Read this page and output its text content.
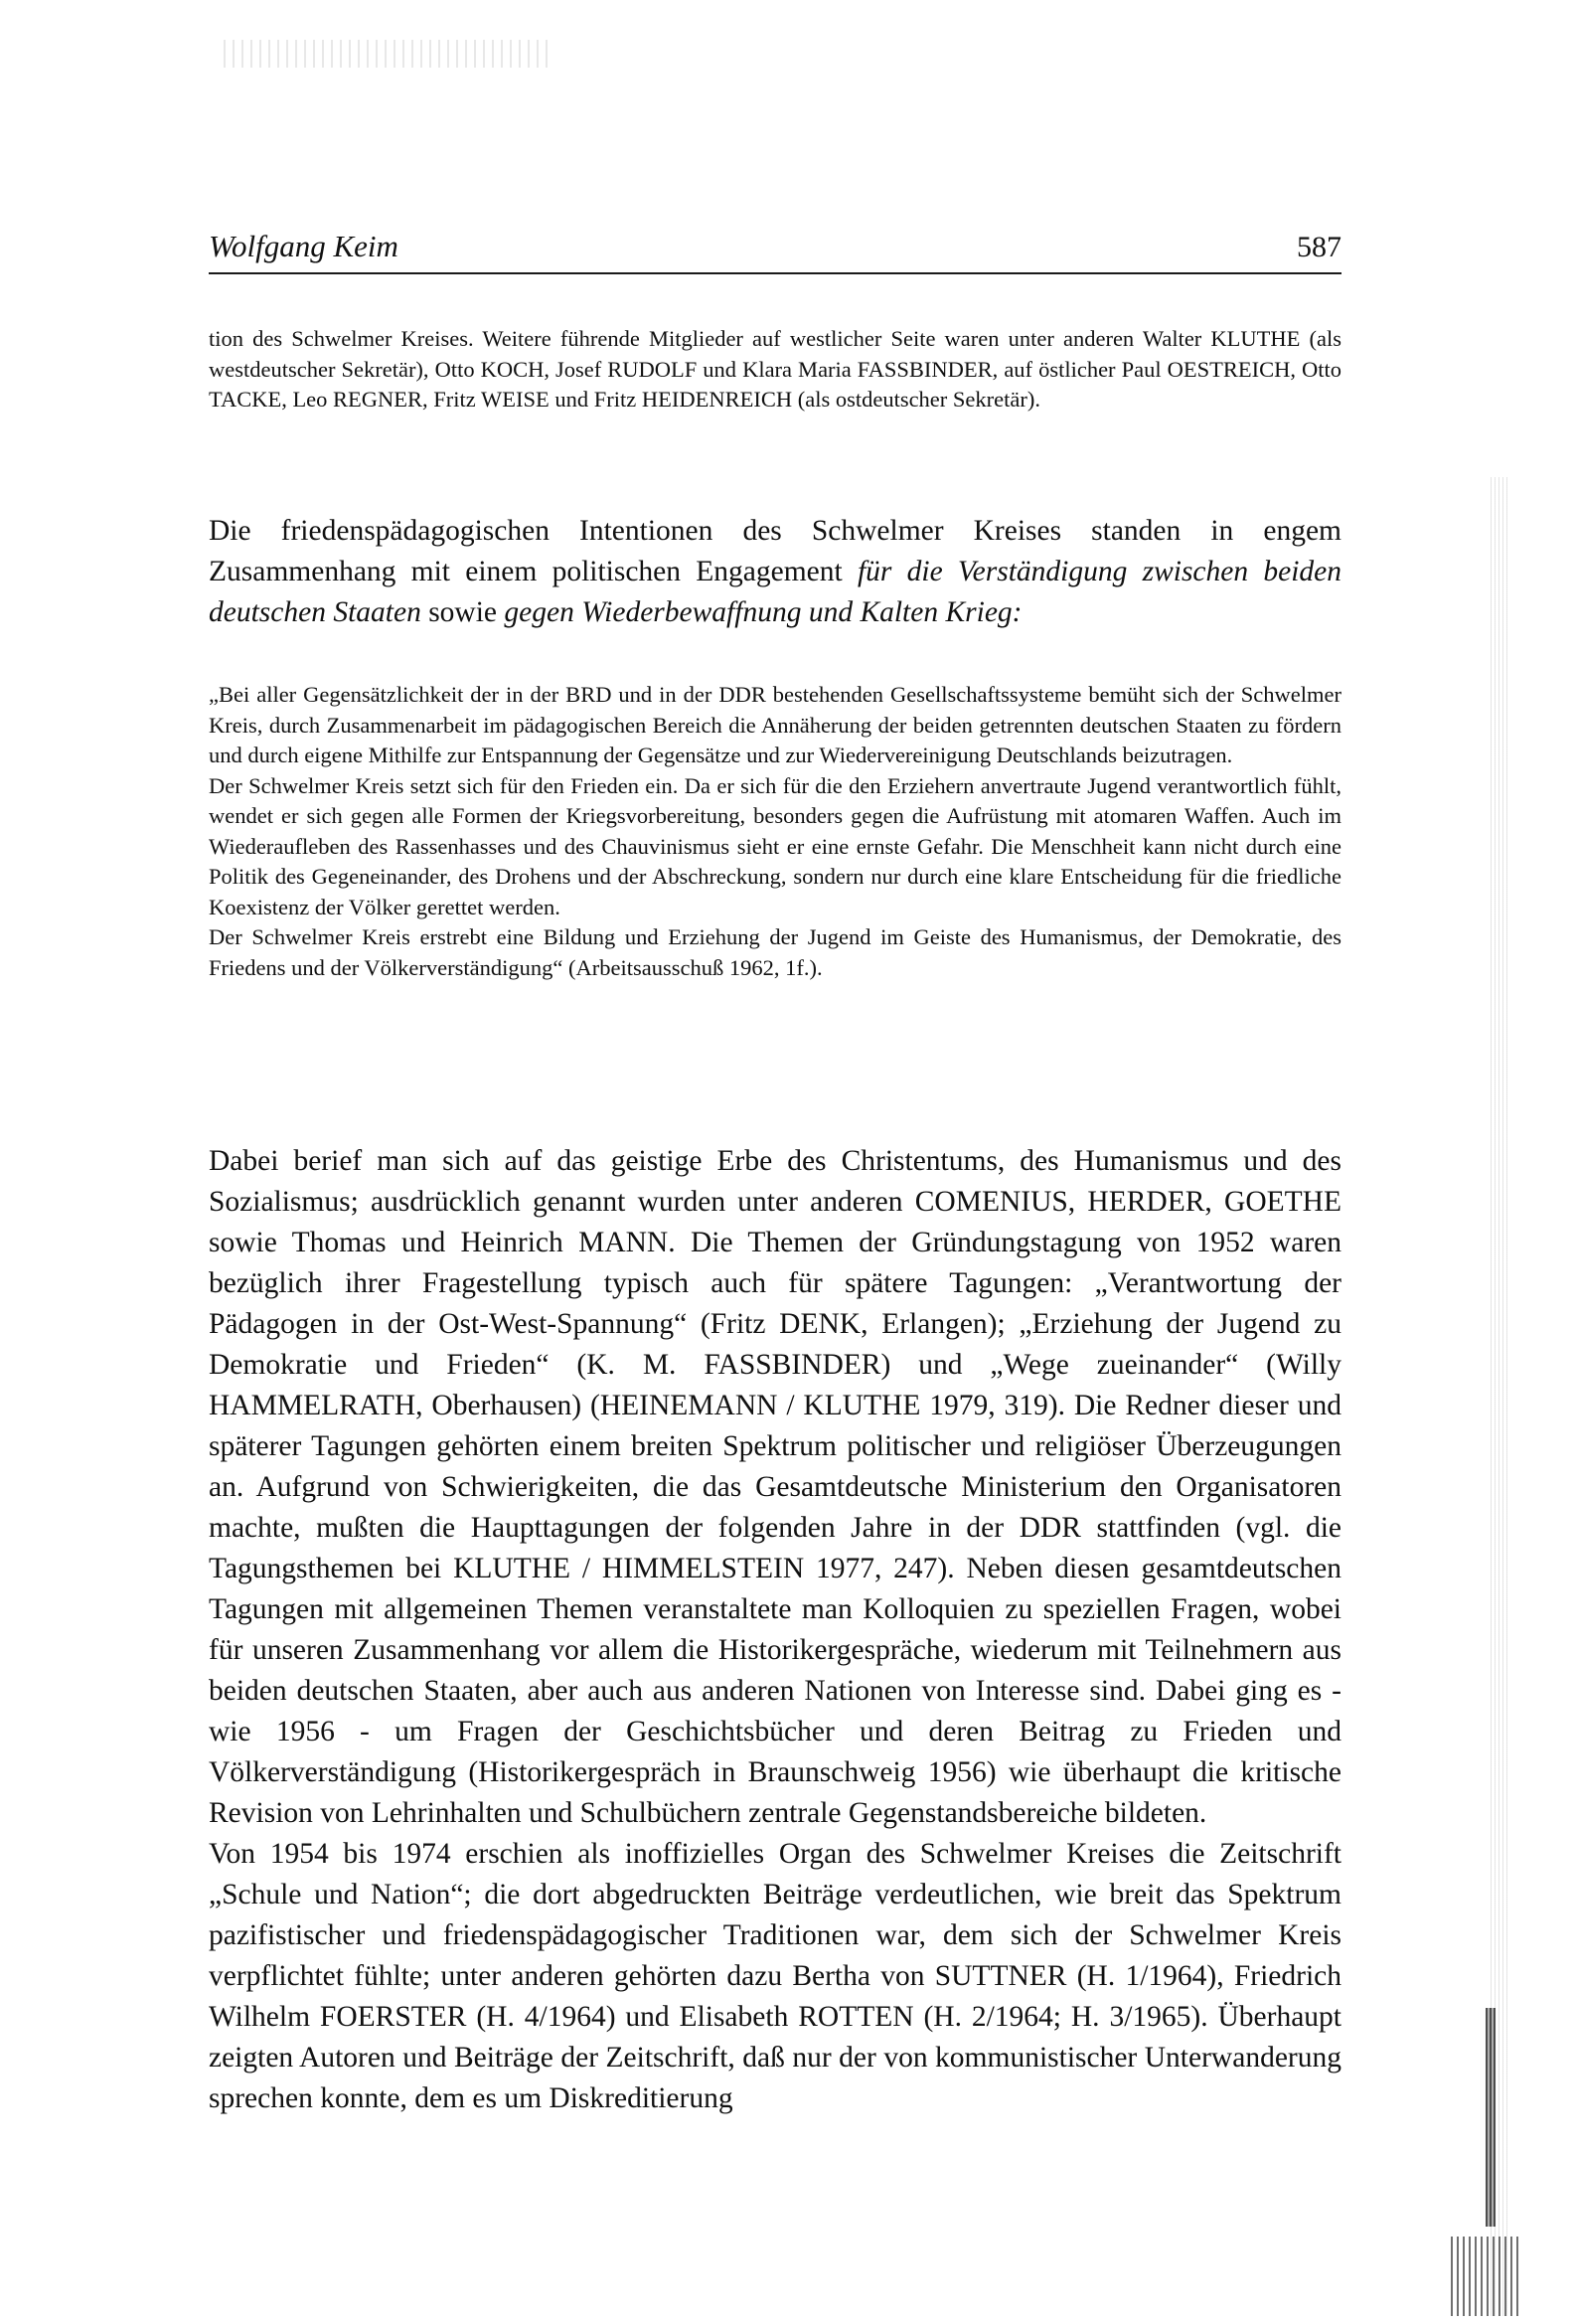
Wolfgang Keim	587
tion des Schwelmer Kreises. Weitere führende Mitglieder auf westlicher Seite waren unter anderen Walter KLUTHE (als westdeutscher Sekretär), Otto KOCH, Josef RUDOLF und Klara Maria FASSBINDER, auf östlicher Paul OESTREICH, Otto TACKE, Leo REGNER, Fritz WEISE und Fritz HEIDENREICH (als ostdeutscher Sekretär).
Die friedenspädagogischen Intentionen des Schwelmer Kreises standen in engem Zusammenhang mit einem politischen Engagement für die Verständigung zwischen beiden deutschen Staaten sowie gegen Wiederbewaffnung und Kalten Krieg:

„Bei aller Gegensätzlichkeit der in der BRD und in der DDR bestehenden Gesellschaftssysteme bemüht sich der Schwelmer Kreis, durch Zusammenarbeit im pädagogischen Bereich die Annäherung der beiden getrennten deutschen Staaten zu fördern und durch eigene Mithilfe zur Entspannung der Gegensätze und zur Wiedervereinigung Deutschlands beizutragen.

Der Schwelmer Kreis setzt sich für den Frieden ein. Da er sich für die den Erziehern anvertraute Jugend verantwortlich fühlt, wendet er sich gegen alle Formen der Kriegsvorbereitung, besonders gegen die Aufrüstung mit atomaren Waffen. Auch im Wiederaufleben des Rassenhasses und des Chauvinismus sieht er eine ernste Gefahr. Die Menschheit kann nicht durch eine Politik des Gegeneinander, des Drohens und der Abschreckung, sondern nur durch eine klare Entscheidung für die friedliche Koexistenz der Völker gerettet werden.

Der Schwelmer Kreis erstrebt eine Bildung und Erziehung der Jugend im Geiste des Humanismus, der Demokratie, des Friedens und der Völkerverständigung“ (Arbeitsausschuß 1962, 1f.).

Dabei berief man sich auf das geistige Erbe des Christentums, des Humanismus und des Sozialismus; ausdrücklich genannt wurden unter anderen COMENIUS, HERDER, GOETHE sowie Thomas und Heinrich MANN. Die Themen der Gründungstagung von 1952 waren bezüglich ihrer Fragestellung typisch auch für spätere Tagungen: „Verantwortung der Pädagogen in der Ost-West-Spannung“ (Fritz DENK, Erlangen); „Erziehung der Jugend zu Demokratie und Frieden“ (K. M. FASSBINDER) und „Wege zueinander“ (Willy HAMMELRATH, Oberhausen) (HEINEMANN / KLUTHE 1979, 319). Die Redner dieser und späterer Tagungen gehörten einem breiten Spektrum politischer und religiöser Überzeugungen an. Aufgrund von Schwierigkeiten, die das Gesamtdeutsche Ministerium den Organisatoren machte, mußten die Haupttagungen der folgenden Jahre in der DDR stattfinden (vgl. die Tagungsthemen bei KLUTHE / HIMMELSTEIN 1977, 247). Neben diesen gesamtdeutschen Tagungen mit allgemeinen Themen veranstaltete man Kolloquien zu speziellen Fragen, wobei für unseren Zusammenhang vor allem die Historikergespräche, wiederum mit Teilnehmern aus beiden deutschen Staaten, aber auch aus anderen Nationen von Interesse sind. Dabei ging es - wie 1956 - um Fragen der Geschichtsbücher und deren Beitrag zu Frieden und Völkerverständigung (Historikergespräch in Braunschweig 1956) wie überhaupt die kritische Revision von Lehrinhalten und Schulbüchern zentrale Gegenstandsbereiche bildeten.

Von 1954 bis 1974 erschien als inoffizielles Organ des Schwelmer Kreises die Zeitschrift „Schule und Nation“; die dort abgedruckten Beiträge verdeutlichen, wie breit das Spektrum pazifistischer und friedenspädagogischer Traditionen war, dem sich der Schwelmer Kreis verpflichtet fühlte; unter anderen gehörten dazu Bertha von SUTTNER (H. 1/1964), Friedrich Wilhelm FOERSTER (H. 4/1964) und Elisabeth ROTTEN (H. 2/1964; H. 3/1965). Überhaupt zeigten Autoren und Beiträge der Zeitschrift, daß nur der von kommunistischer Unterwanderung sprechen konnte, dem es um Diskreditierung
